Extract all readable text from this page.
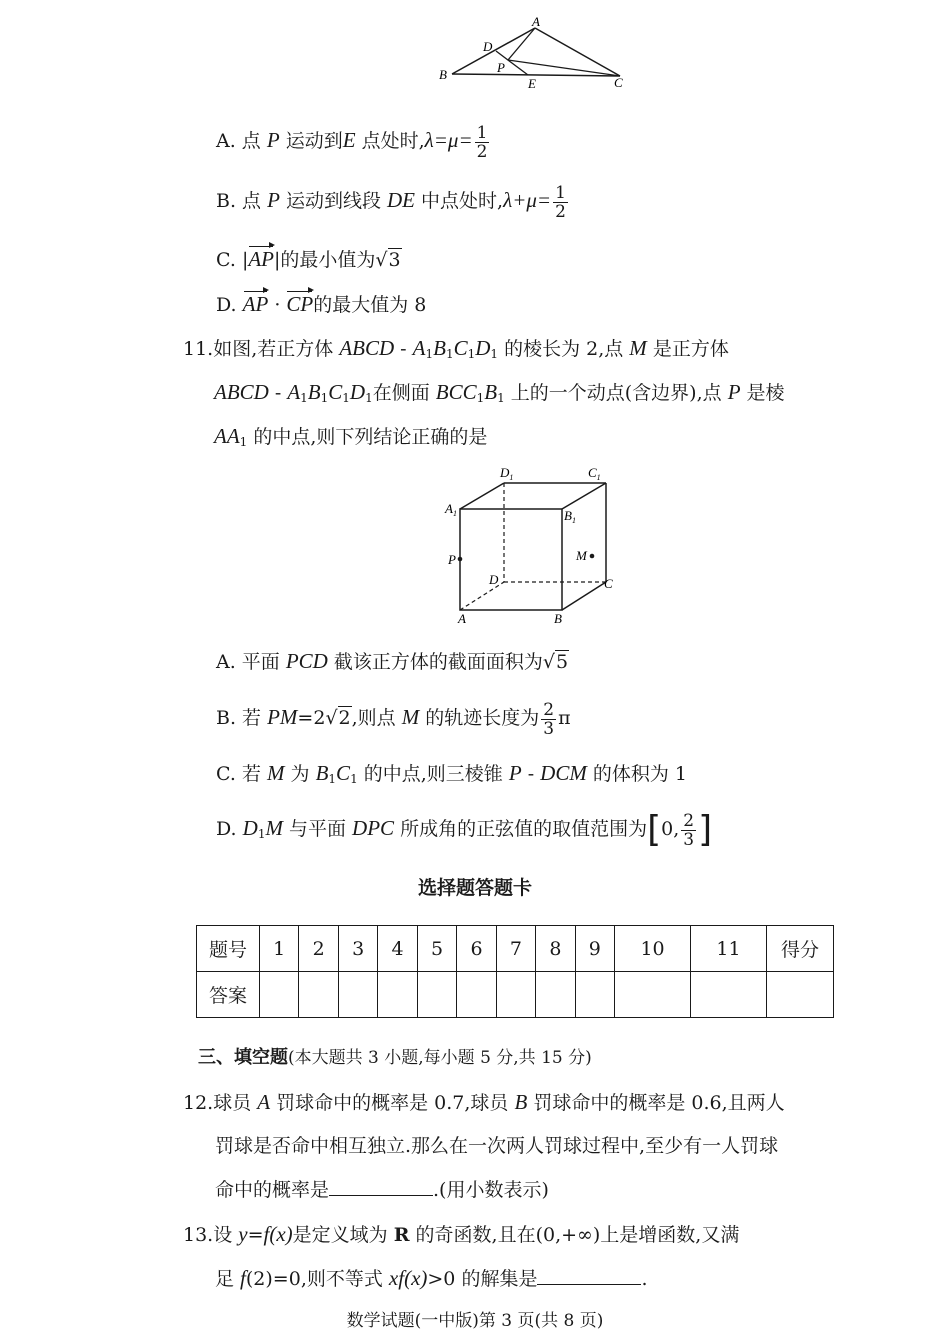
A
D
P
B
E	C
A. 点 P 运动到E 点处时$,\lambda=\mu= \frac{1}{2}$
B. 点 P 运动到线段 DE 中点处时$,\lambda+\mu= \frac{1}{2}$
C. |AP|的最小值为√3
D. AP · CP的最大值为 8
11.如图,若正方体 ABCD - $A_1B_1C_1D_1$ 的棱长为 2,点 M 是正方体
ABCD - $A_1B_1C_1D_1$在侧面 $BCC_1B_1$ 上的一个动点(含边界),点 P 是棱
$AA_1$ 的中点,则下列结论正确的是
$D_1$	$C_1$
$A_1$	$B_1$
P	M
D	C
A	B
A. 平面 PCD 截该正方体的截面面积为√5
B. 若 PM=2√2,则点 M 的轨迹长度为 $\frac{2}{3}$ π
C. 若 M 为 $B_1C_1$ 的中点,则三棱锥 P - DCM 的体积为 1
D. $D_1M$ 与平面 DPC 所成角的正弦值的取值范围为[0, $\frac{2}{3}$ ]
选择题答题卡
题号	1	2	3	4	5	6	7	8	9	10	11	得分
答案												
三、填空题(本大题共 3 小题,每小题 5 分,共 15 分)
12.球员 A 罚球命中的概率是 0.7,球员 B 罚球命中的概率是 0.6,且两人
罚球是否命中相互独立.那么在一次两人罚球过程中,至少有一人罚球
命中的概率是	.(用小数表示)
13.设 y=f(x)是定义域为 R 的奇函数,且在(0,+∞)上是增函数,又满
足 f(2)=0,则不等式 xf(x)>0 的解集是	.
数学试题(一中版)第 3 页(共 8 页)
